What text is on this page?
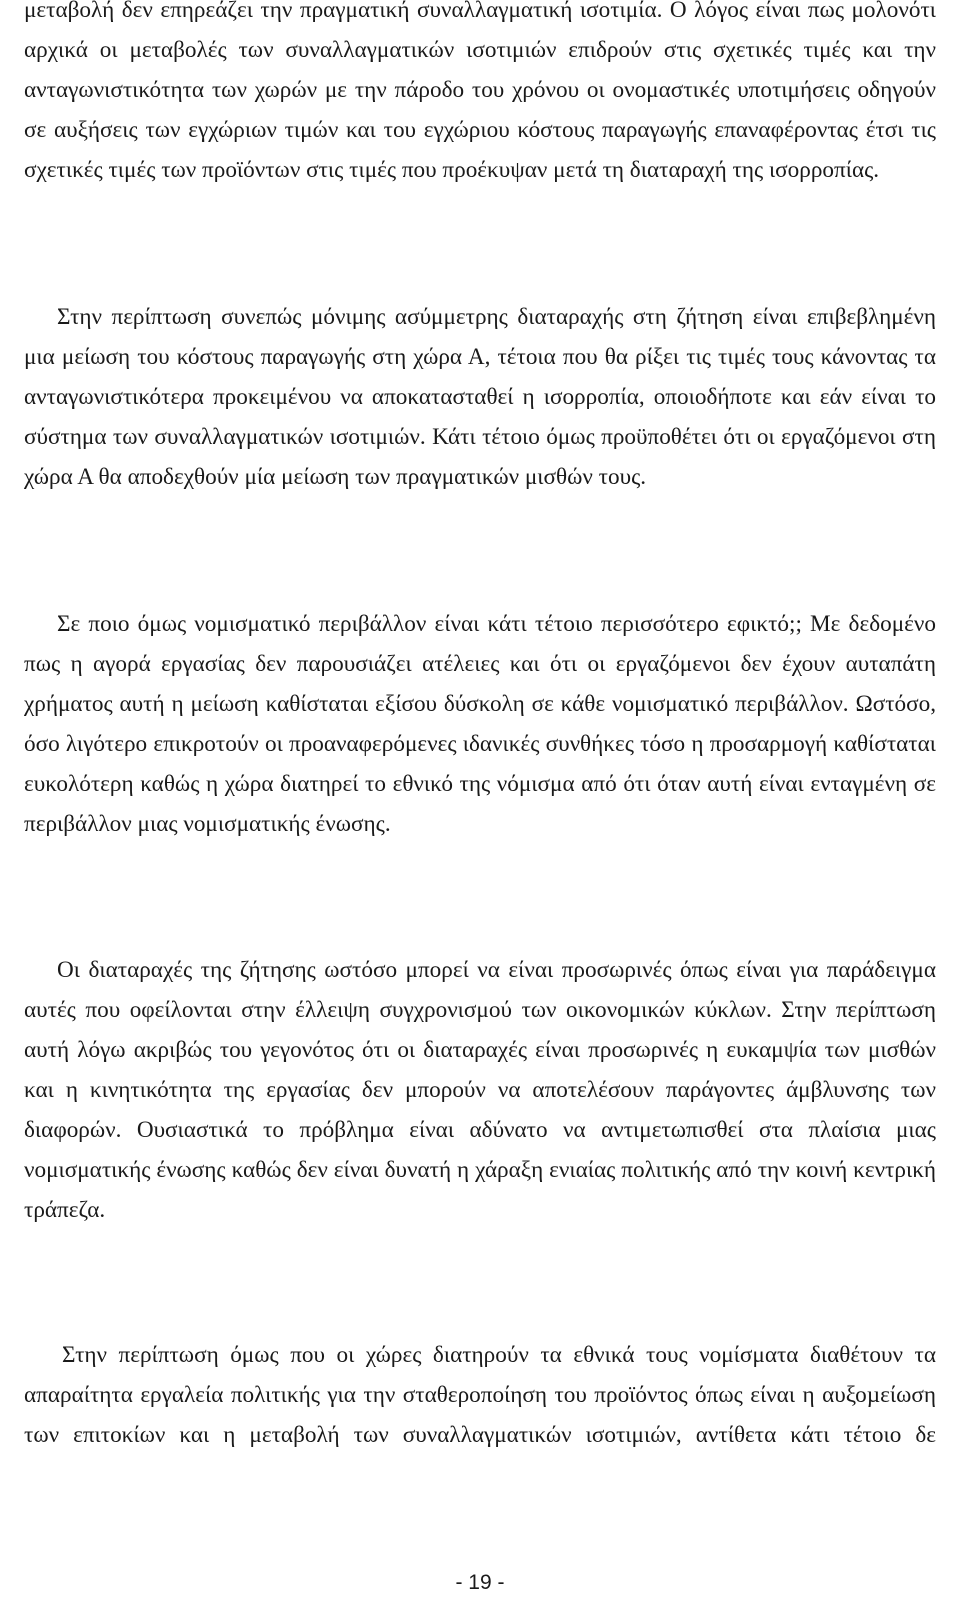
μεταβολή δεν επηρεάζει την πραγματική συναλλαγματική ισοτιμία. Ο λόγος είναι πως μολονότι αρχικά οι μεταβολές των συναλλαγματικών ισοτιμιών επιδρούν στις σχετικές τιμές και την ανταγωνιστικότητα των χωρών με την πάροδο του χρόνου οι ονομαστικές υποτιμήσεις οδηγούν σε αυξήσεις των εγχώριων τιμών και του εγχώριου κόστους παραγωγής επαναφέροντας έτσι τις σχετικές τιμές των προϊόντων στις τιμές που προέκυψαν μετά τη διαταραχή της ισορροπίας.

Στην περίπτωση συνεπώς μόνιμης ασύμμετρης διαταραχής στη ζήτηση είναι επιβεβλημένη μια μείωση του κόστους παραγωγής στη χώρα Α, τέτοια που θα ρίξει τις τιμές τους κάνοντας τα ανταγωνιστικότερα προκειμένου να αποκατασταθεί η ισορροπία, οποιοδήποτε και εάν είναι το σύστημα των συναλλαγματικών ισοτιμιών. Κάτι τέτοιο όμως προϋποθέτει ότι οι εργαζόμενοι στη χώρα Α θα αποδεχθούν μία μείωση των πραγματικών μισθών τους.

Σε ποιο όμως νομισματικό περιβάλλον είναι κάτι τέτοιο περισσότερο εφικτό;; Με δεδομένο πως η αγορά εργασίας δεν παρουσιάζει ατέλειες και ότι οι εργαζόμενοι δεν έχουν αυταπάτη χρήματος αυτή η μείωση καθίσταται εξίσου δύσκολη σε κάθε νομισματικό περιβάλλον. Ωστόσο, όσο λιγότερο επικροτούν οι προαναφερόμενες ιδανικές συνθήκες τόσο η προσαρμογή καθίσταται ευκολότερη καθώς η χώρα διατηρεί το εθνικό της νόμισμα από ότι όταν αυτή είναι ενταγμένη σε περιβάλλον μιας νομισματικής ένωσης.

Οι διαταραχές της ζήτησης ωστόσο μπορεί να είναι προσωρινές όπως είναι για παράδειγμα αυτές που οφείλονται στην έλλειψη συγχρονισμού των οικονομικών κύκλων. Στην περίπτωση αυτή λόγω ακριβώς του γεγονότος ότι οι διαταραχές είναι προσωρινές η ευκαμψία των μισθών και η κινητικότητα της εργασίας δεν μπορούν να αποτελέσουν παράγοντες άμβλυνσης των διαφορών. Ουσιαστικά το πρόβλημα είναι αδύνατο να αντιμετωπισθεί στα πλαίσια μιας νομισματικής ένωσης καθώς δεν είναι δυνατή η χάραξη ενιαίας πολιτικής από την κοινή κεντρική τράπεζα.

Στην περίπτωση όμως που οι χώρες διατηρούν τα εθνικά τους νομίσματα διαθέτουν τα απαραίτητα εργαλεία πολιτικής για την σταθεροποίηση του προϊόντος όπως είναι η αυξοµείωση των επιτοκίων και η μεταβολή των συναλλαγματικών ισοτιμιών, αντίθετα κάτι τέτοιο δε

- 19 -
